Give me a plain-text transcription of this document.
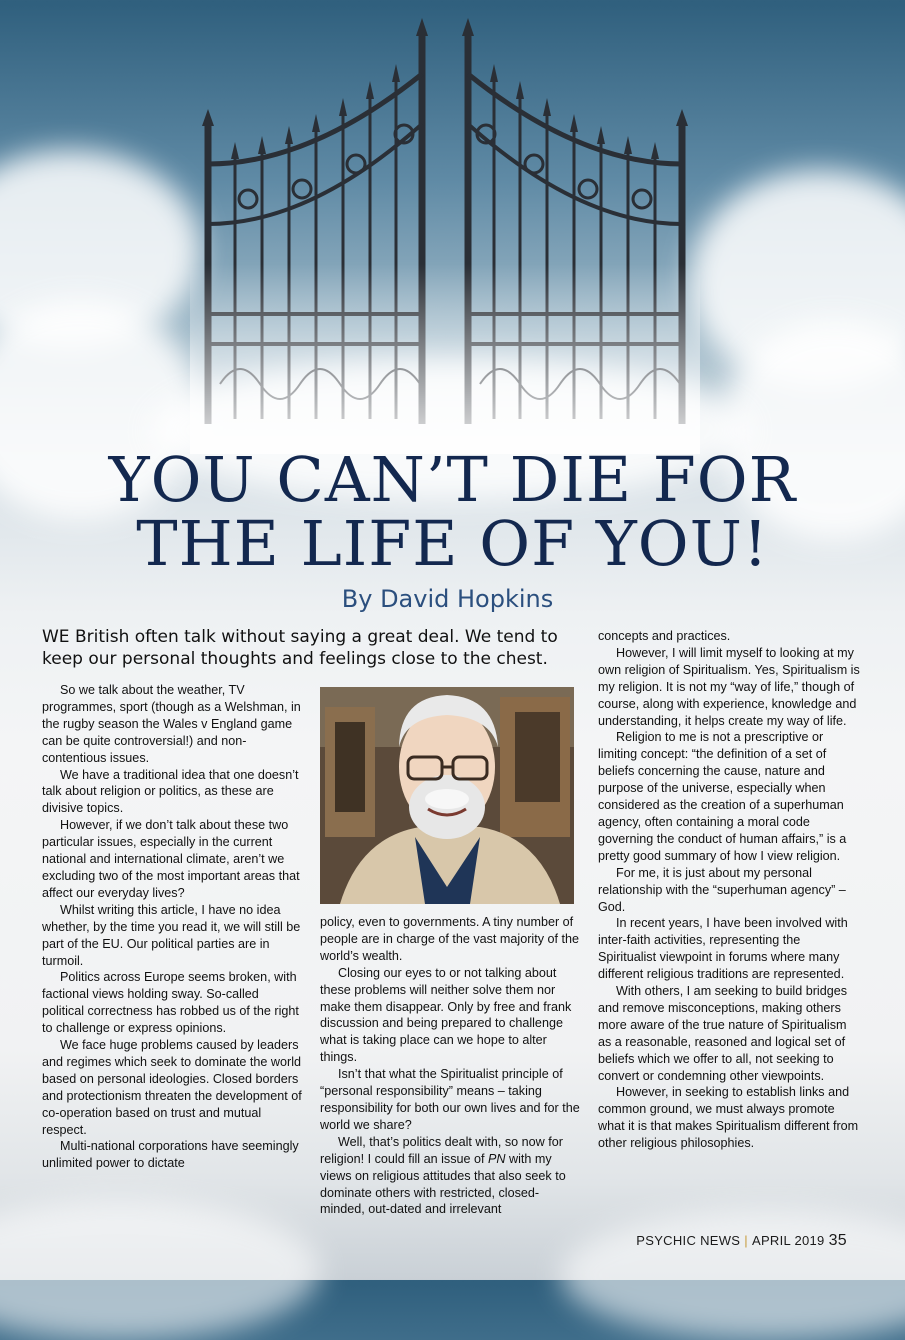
YOU CAN’T DIE FOR
THE LIFE OF YOU!
By David Hopkins

WE British often talk without saying a great deal. We tend to keep our personal thoughts and feelings close to the chest.

So we talk about the weather, TV programmes, sport (though as a Welshman, in the rugby season the Wales v England game can be quite controversial!) and non-contentious issues.

We have a traditional idea that one doesn’t talk about religion or politics, as these are divisive topics.

However, if we don’t talk about these two particular issues, especially in the current national and international climate, aren’t we excluding two of the most important areas that affect our everyday lives?

Whilst writing this article, I have no idea whether, by the time you read it, we will still be part of the EU. Our political parties are in turmoil.

Politics across Europe seems broken, with factional views holding sway. So-called political correctness has robbed us of the right to challenge or express opinions.

We face huge problems caused by leaders and regimes which seek to dominate the world based on personal ideologies. Closed borders and protectionism threaten the development of co-operation based on trust and mutual respect.

Multi-national corporations have seemingly unlimited power to dictate

policy, even to governments. A tiny number of people are in charge of the vast majority of the world’s wealth.

Closing our eyes to or not talking about these problems will neither solve them nor make them disappear. Only by free and frank discussion and being prepared to challenge what is taking place can we hope to alter things.

Isn’t that what the Spiritualist principle of “personal responsibility” means – taking responsibility for both our own lives and for the world we share?

Well, that’s politics dealt with, so now for religion! I could fill an issue of PN with my views on religious attitudes that also seek to dominate others with restricted, closed-minded, out-dated and irrelevant

concepts and practices.

However, I will limit myself to looking at my own religion of Spiritualism. Yes, Spiritualism is my religion. It is not my “way of life,” though of course, along with experience, knowledge and understanding, it helps create my way of life.

Religion to me is not a prescriptive or limiting concept: “the definition of a set of beliefs concerning the cause, nature and purpose of the universe, especially when considered as the creation of a superhuman agency, often containing a moral code governing the conduct of human affairs,” is a pretty good summary of how I view religion.

For me, it is just about my personal relationship with the “superhuman agency” – God.

In recent years, I have been involved with inter-faith activities, representing the Spiritualist viewpoint in forums where many different religious traditions are represented.

With others, I am seeking to build bridges and remove misconceptions, making others more aware of the true nature of Spiritualism as a reasonable, reasoned and logical set of beliefs which we offer to all, not seeking to convert or condemning other viewpoints.

However, in seeking to establish links and common ground, we must always promote what it is that makes Spiritualism different from other religious philosophies.

PSYCHIC NEWS | APRIL 2019 35
